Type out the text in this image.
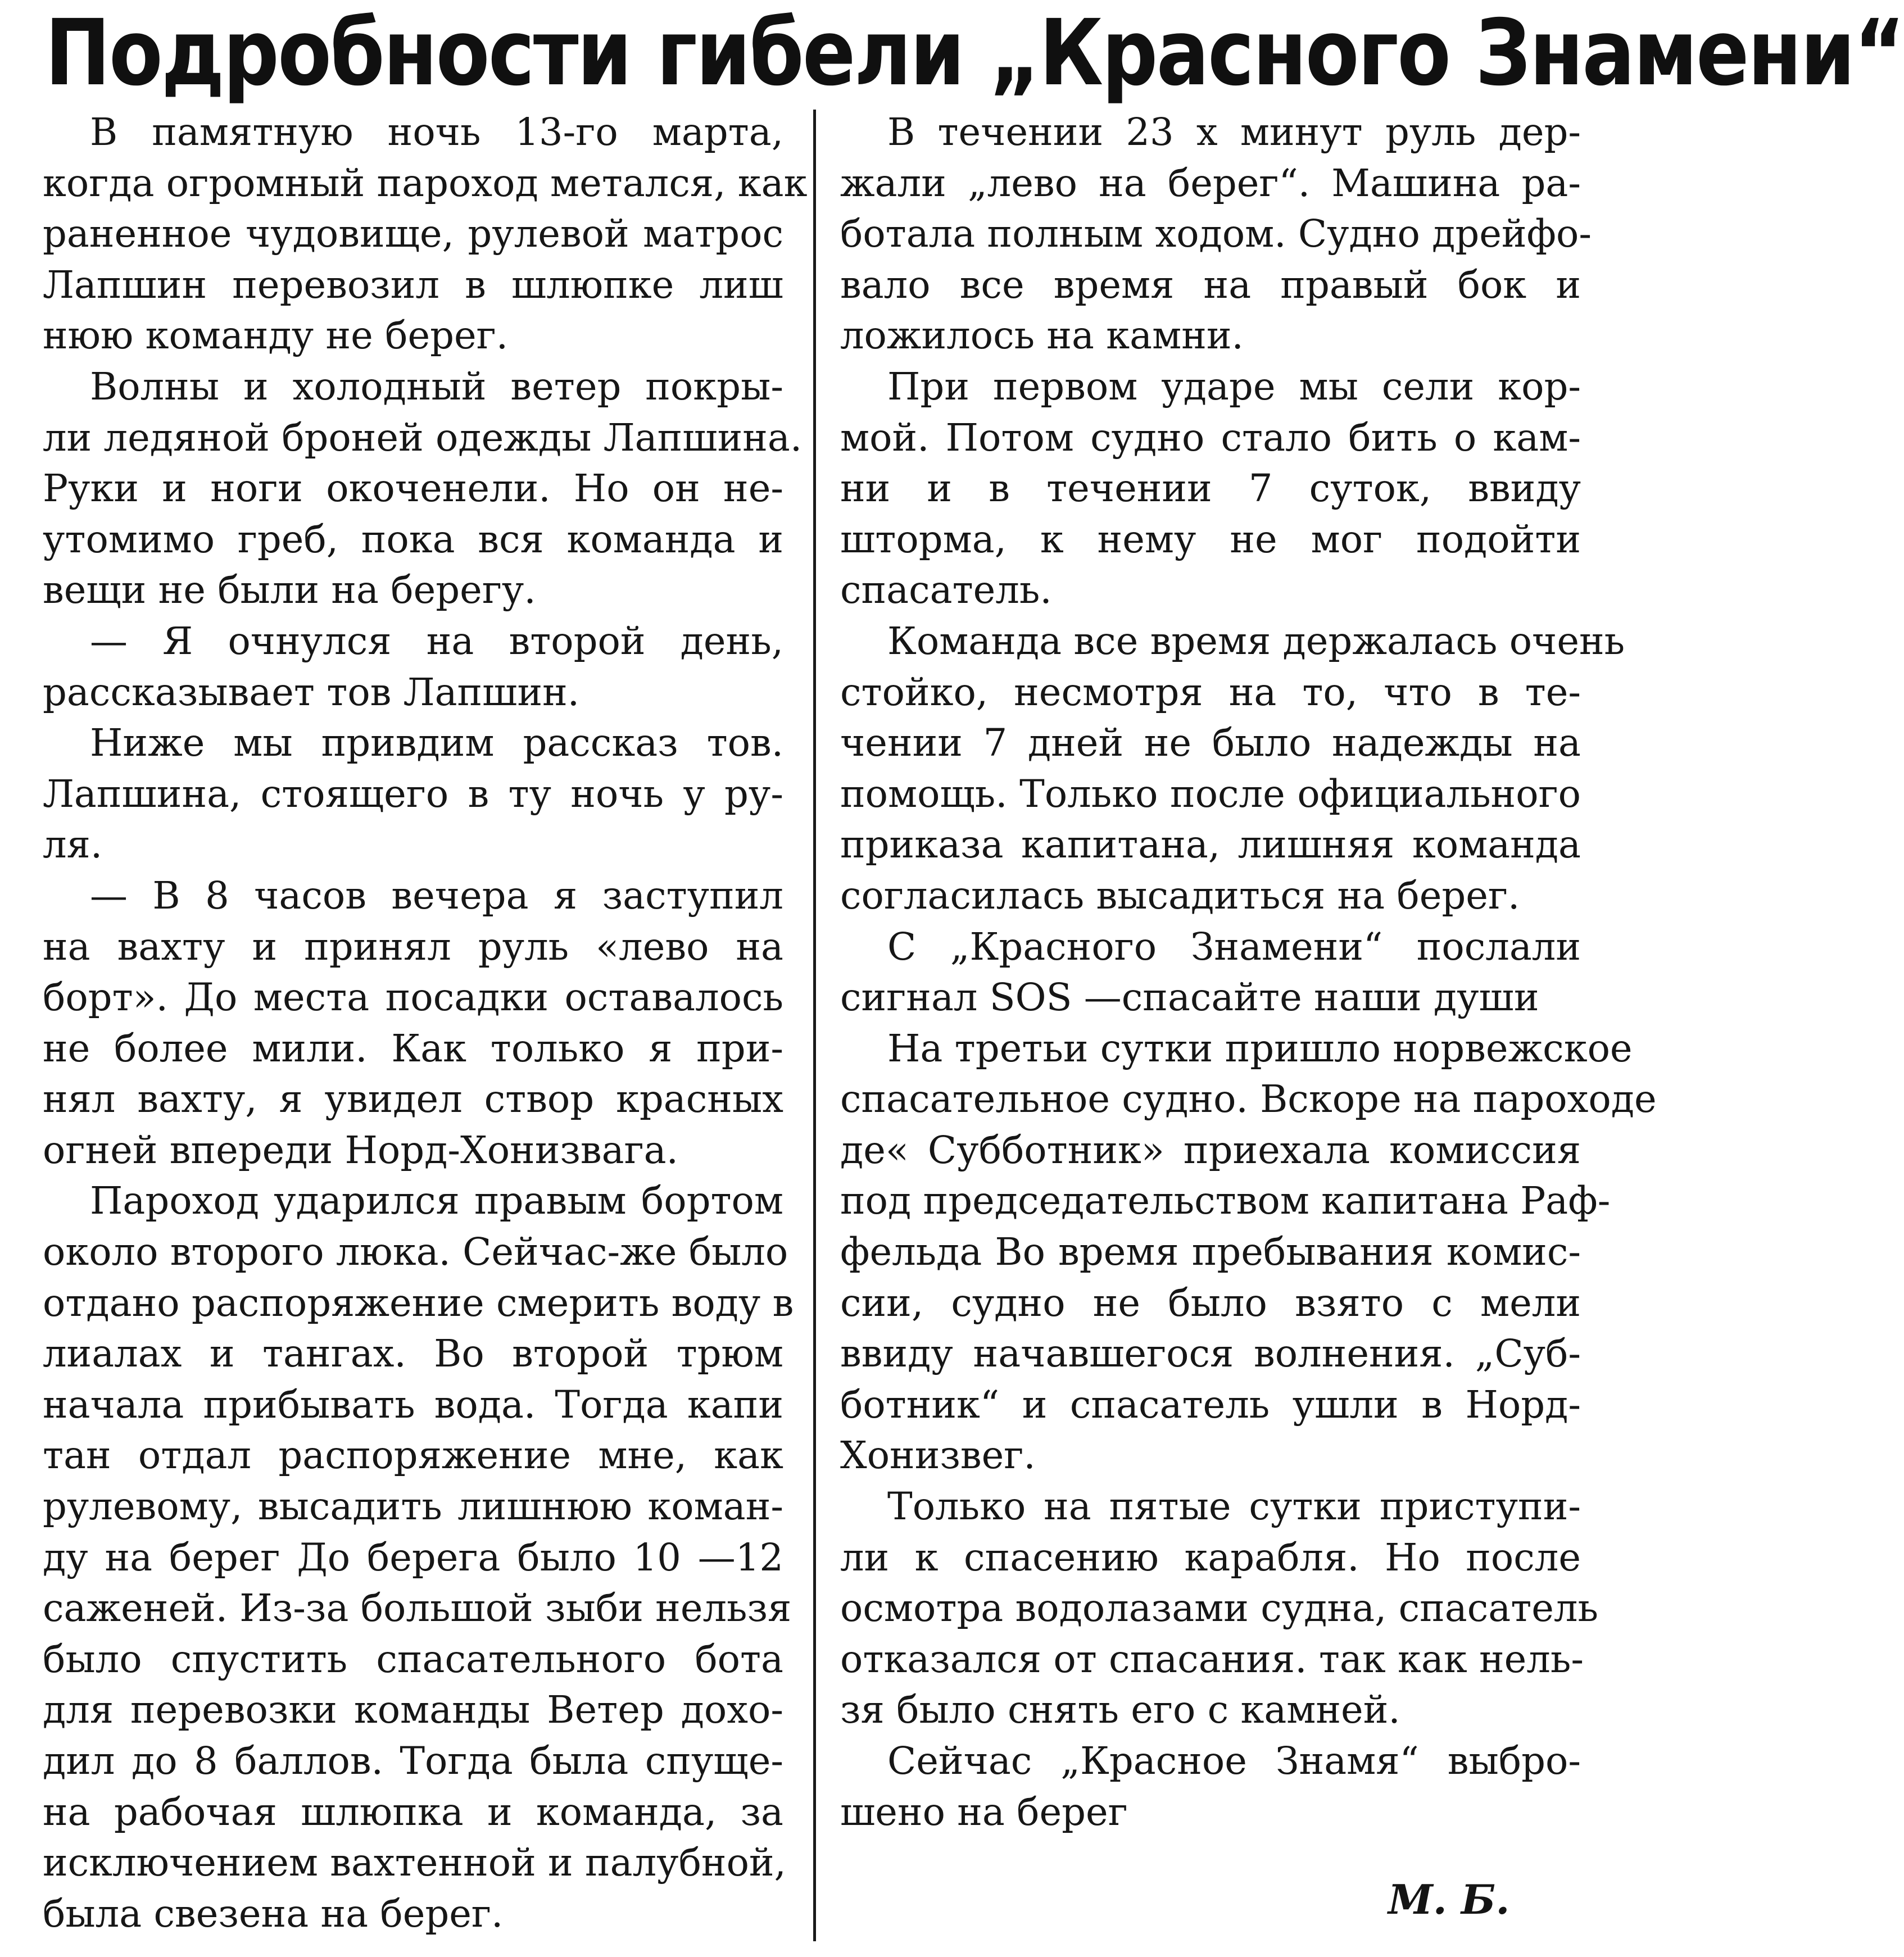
Подробности гибели „Красного Знамени“
В памятную ночь 13-го марта,
когда огромный пароход метался, как
раненное чудовище, рулевой матрос
Лапшин перевозил в шлюпке лиш
нюю команду не берег.
Волны и холодный ветер покры-
ли ледяной броней одежды Лапшина.
Руки и ноги окоченели. Но он не-
утомимо греб, пока вся команда и
вещи не были на берегу.
— Я очнулся на второй день,
рассказывает тов Лапшин.
Ниже мы привдим рассказ тов.
Лапшина, стоящего в ту ночь у ру-
ля.
— В 8 часов вечера я заступил
на вахту и принял руль «лево на
борт». До места посадки оставалось
не более мили. Как только я при-
нял вахту, я увидел створ красных
огней впереди Норд-Хонизвага.
Пароход ударился правым бортом
около второго люка. Сейчас-же было
отдано распоряжение смерить воду в
лиалах и тангах. Во второй трюм
начала прибывать вода. Тогда капи
тан отдал распоряжение мне, как
рулевому, высадить лишнюю коман-
ду на берег До берега было 10 —12
саженей. Из-за большой зыби нельзя
было спустить спасательного бота
для перевозки команды Ветер дохо-
дил до 8 баллов. Тогда была спуще-
на рабочая шлюпка и команда, за
исключением вахтенной и палубной,
была свезена на берег.
В течении 23 х минут руль дер-
жали „лево на берег“. Машина ра-
ботала полным ходом. Судно дрейфо-
вало все время на правый бок и
ложилось на камни.
При первом ударе мы сели кор-
мой. Потом судно стало бить о кам-
ни и в течении 7 суток, ввиду
шторма, к нему не мог подойти
спасатель.
Команда все время держалась очень
стойко, несмотря на то, что в те-
чении 7 дней не было надежды на
помощь. Только после официального
приказа капитана, лишняя команда
согласилась высадиться на берег.
С „Красного Знамени“ послали
сигнал SOS —спасайте наши души
На третьи сутки пришло норвежское
спасательное судно. Вскоре на пароходе
де« Субботник» приехала комиссия
под председательством капитана Раф-
фельда Во время пребывания комис-
сии, судно не было взято с мели
ввиду начавшегося волнения. „Суб-
ботник“ и спасатель ушли в Норд-
Хонизвег.
Только на пятые сутки приступи-
ли к спасению карабля. Но после
осмотра водолазами судна, спасатель
отказался от спасания. так как нель-
зя было снять его с камней.
Сейчас „Красное Знамя“ выбро-
шено на берег
М. Б.
